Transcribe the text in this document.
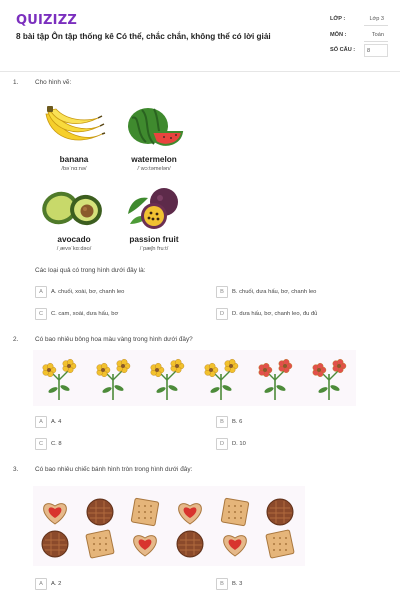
QUIZIZZ
8 bài tập Ôn tập thống kê Có thể, chắc chắn, không thể có lời giải
LỚP :	Lớp 3
MÔN :	Toán
SỐ CÂU :	8
1.	Cho hình vẽ:
banana
/bəˈnɑːnə/
watermelon
/ˈwɔːtəmelən/
avocado
/ˌævəˈkɑːdəʊ/
passion fruit
/ˈpæʃn fruːt/
Các loại quả có trong hình dưới đây là:
A	A. chuối, xoài, bơ, chanh leo	B	B. chuối, dưa hấu, bơ, chanh leo
C	C. cam, xoài, dưa hấu, bơ	D	D. dưa hấu, bơ, chanh leo, đu đủ
2.	Có bao nhiêu bông hoa màu vàng trong hình dưới đây?
A	A. 4	B	B. 6
C	C. 8	D	D. 10
3.	Có bao nhiêu chiếc bánh hình tròn trong hình dưới đây:
A	A. 2	B	B. 3
